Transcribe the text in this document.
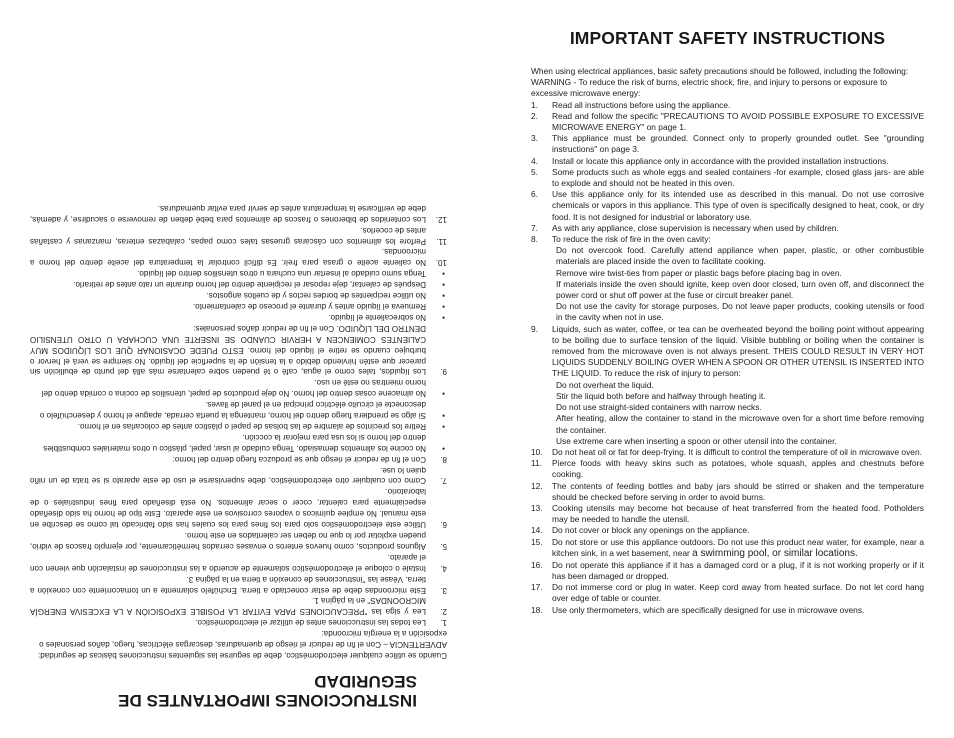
IMPORTANT SAFETY INSTRUCTIONS

When using electrical appliances, basic safety precautions should be followed, including the following:

WARNING - To reduce the risk of burns, electric shock, fire, and injury to persons or exposure to excessive microwave energy:

1. Read all instructions before using the appliance.
2. Read and follow the specific "PRECAUTIONS TO AVOID POSSIBLE EXPOSURE TO EXCESSIVE MICROWAVE ENERGY" on page 1.
3. This appliance must be grounded. Connect only to properly grounded outlet. See "grounding instructions" on page 3.
4. Install or locate this appliance only in accordance with the provided installation instructions.
5. Some products such as whole eggs and sealed containers -for example, closed glass jars- are able to explode and should not be heated in this oven.
6. Use this appliance only for its intended use as described in this manual. Do not use corrosive chemicals or vapors in this appliance. This type of oven is specifically designed to heat, cook, or dry food. It is not designed for industrial or laboratory use.
7. As with any appliance, close supervision is necessary when used by children.
8. To reduce the risk of fire in the oven cavity:
Do not overcook food. Carefully attend appliance when paper, plastic, or other combustible materials are placed inside the oven to facilitate cooking.
Remove wire twist-ties from paper or plastic bags before placing bag in oven.
If materials inside the oven should ignite, keep oven door closed, turn oven off, and disconnect the power cord or shut off power at the fuse or circuit breaker panel.
Do not use the cavity for storage purposes. Do not leave paper products, cooking utensils or food in the cavity when not in use.
9. Liquids, such as water, coffee, or tea can be overheated beyond the boiling point without appearing to be boiling due to surface tension of the liquid. Visible bubbling or boiling when the container is removed from the microwave oven is not always present. THEIS COULD RESULT IN VERY HOT LIQUIDS SUDDENLY BOILING OVER WHEN A SPOON OR OTHER UTENSIL IS INSERTED INTO THE LIQUID. To reduce the risk of injury to person:
Do not overheat the liquid.
Stir the liquid both before and halfway through heating it.
Do not use straight-sided containers with narrow necks.
After heating, allow the container to stand in the microwave oven for a short time before removing the container.
Use extreme care when inserting a spoon or other utensil into the container.
10. Do not heat oil or fat for deep-frying. It is difficult to control the temperature of oil in microwave oven.
11. Pierce foods with heavy skins such as potatoes, whole squash, apples and chestnuts before cooking.
12. The contents of feeding bottles and baby jars should be stirred or shaken and the temperature should be checked before serving in order to avoid burns.
13. Cooking utensils may become hot because of heat transferred from the heated food. Potholders may be needed to handle the utensil.
14. Do not cover or block any openings on the appliance.
15. Do not store or use this appliance outdoors. Do not use this product near water, for example, near a kitchen sink, in a wet basement, near a swimming pool, or similar locations.
16. Do not operate this appliance if it has a damaged cord or a plug, if it is not working properly or if it has been damaged or dropped.
17. Do not immerse cord or plug in water. Keep cord away from heated surface. Do not let cord hang over edge of table or counter.
18. Use only thermometers, which are specifically designed for use in microwave ovens.
INSTRUCCIONES IMPORTANTES DE SEGURIDAD

Cuando se utilice cualquier electrodoméstico, debe de seguirse las siguientes instrucciones básicas de seguridad:

ADVERTENCIA – Con el fin de reducir el riesgo de quemaduras, descargas eléctricas, fuego, daños personales o exposición a la energía microonda:

1.
Lea todas las instrucciones antes de utilizar el electrodoméstico.
2.
Lea y siga las "PRECAUCIONES PARA EVITAR LA POSIBLE EXPOSICIÓN A LA EXCESIVA ENERGÍA MICROONDAS" en la página 1.
3.
Este microondas debe de estar conectado a tierra. Enchúfelo solamente a un tomacorriente con conexión a tierra. Véase las "instrucciones de conexión a tierra en la página 3.
4.
Instale o coloque el electrodoméstico solamente de acuerdo a las instrucciones de instalación que vienen con el aparato.
5.
Algunos productos, como huevos enteros o envases cerrados herméticamente, por ejemplo frascos de vidrio, pueden explotar por lo que no deben ser calentados en este horno.
6.
Utilice este electrodoméstico solo para los fines para los cuales has sido fabricado tal como se describe en este manual. No emplee químicos o vapores corrosivos en este aparato. Este tipo de horno ha sido diseñado especialmente para calentar, cocer o secar alimentos. No está diseñado para fines industriales o de laboratorio.
7.
Como con cualquier otro electrodoméstico, debe supervisarse el uso de este aparato si se trata de un niño quien lo use.
8.
Con el fin de reducir el riesgo que se produzca fuego dentro del horno:
• No cocine los alimentos demasiado. Tenga cuidado al usar, papel, plástico u otros materiales combustibles dentro del horno si los usa para mejorar la cocción.
• Retire los precintos de alambre de las bolsas de papel o plástico antes de colocarlas en el horno.
• Si algo se prendiera fuego dentro del horno, mantenga la puerta cerrada, apague el horno y desenchúfelo o desconecte el circuito eléctrico principal en el panel de llaves.
• No almacene cosas dentro del horno. No deje productos de papel, utensilios de cocina o comida dentro del horno mientras no esté en uso.
9.
Los líquidos, tales como el agua, café o té pueden sobre calentarse más allá del punto de ebullición sin parecer que estén hirviendo debido a la tensión de la superficie del líquido. No siempre se verá el hervor o burbujeo cuando se retire el líquido del horno. ESTO PUEDE OCASIONAR QUE LOS LÍQUIDOS MUY CALIENTES COMIENCEN A HERVIR CUANDO SE INSERTE UNA CUCHARA U OTRO UTENSILIO DENTRO DEL LÍQUIDO. Con el fin de reducir daños personales:
• No sobrecaliente el líquido.
• Remueva el líquido antes y durante el proceso de calentamiento.
• No utilice recipientes de bordes rectos y de cuellos angostos.
• Después de calentar, deje reposar el recipiente dentro del horno durante un rato antes de retirarlo.
• Tenga sumo cuidado al insertar una cuchara u otros utensilios dentro del líquido.
10.
No caliente aceite o grasa para freír. Es difícil controlar la temperatura del aceite dentro del horno a microondas.
11.
Perfore los alimentos con cáscaras gruesas tales como papas, calabazas enteras, manzanas y castañas antes de cocerlos.
12.
Los contenidos de biberones o frascos de alimentos para bebé deben de removerse o sacudirse, y además, debe de verificarse la temperatura antes de servir para evitar quemaduras.
